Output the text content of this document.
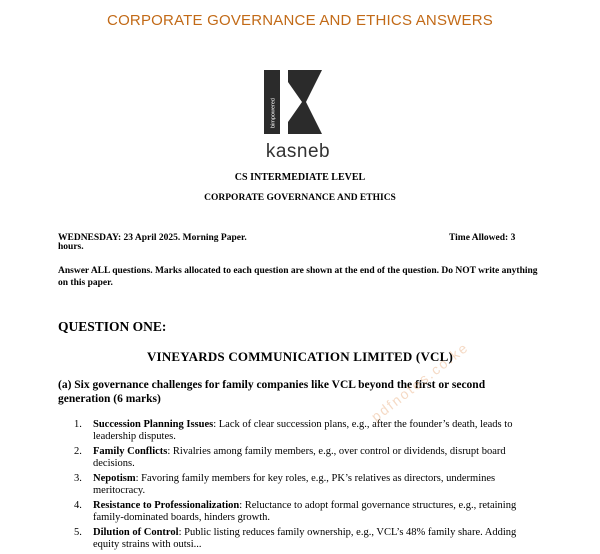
CORPORATE GOVERNANCE AND ETHICS ANSWERS
bimpowered
kasneb
CS INTERMEDIATE LEVEL
CORPORATE GOVERNANCE AND ETHICS
WEDNESDAY: 23 April 2025. Morning Paper.	Time Allowed: 3
hours.
Answer ALL questions. Marks allocated to each question are shown at the end of the question. Do NOT write anything on this paper.
QUESTION ONE:
VINEYARDS COMMUNICATION LIMITED (VCL)
(a) Six governance challenges for family companies like VCL beyond the first or second generation (6 marks)
1. Succession Planning Issues: Lack of clear succession plans, e.g., after the founder’s death, leads to leadership disputes.
2. Family Conflicts: Rivalries among family members, e.g., over control or dividends, disrupt board decisions.
3. Nepotism: Favoring family members for key roles, e.g., PK’s relatives as directors, undermines meritocracy.
4. Resistance to Professionalization: Reluctance to adopt formal governance structures, e.g., retaining family-dominated boards, hinders growth.
5. Dilution of Control: Public listing reduces family ownership, e.g., VCL’s 48% family share. Adding equity strains with outsi...
pdfnotes.co.ke
